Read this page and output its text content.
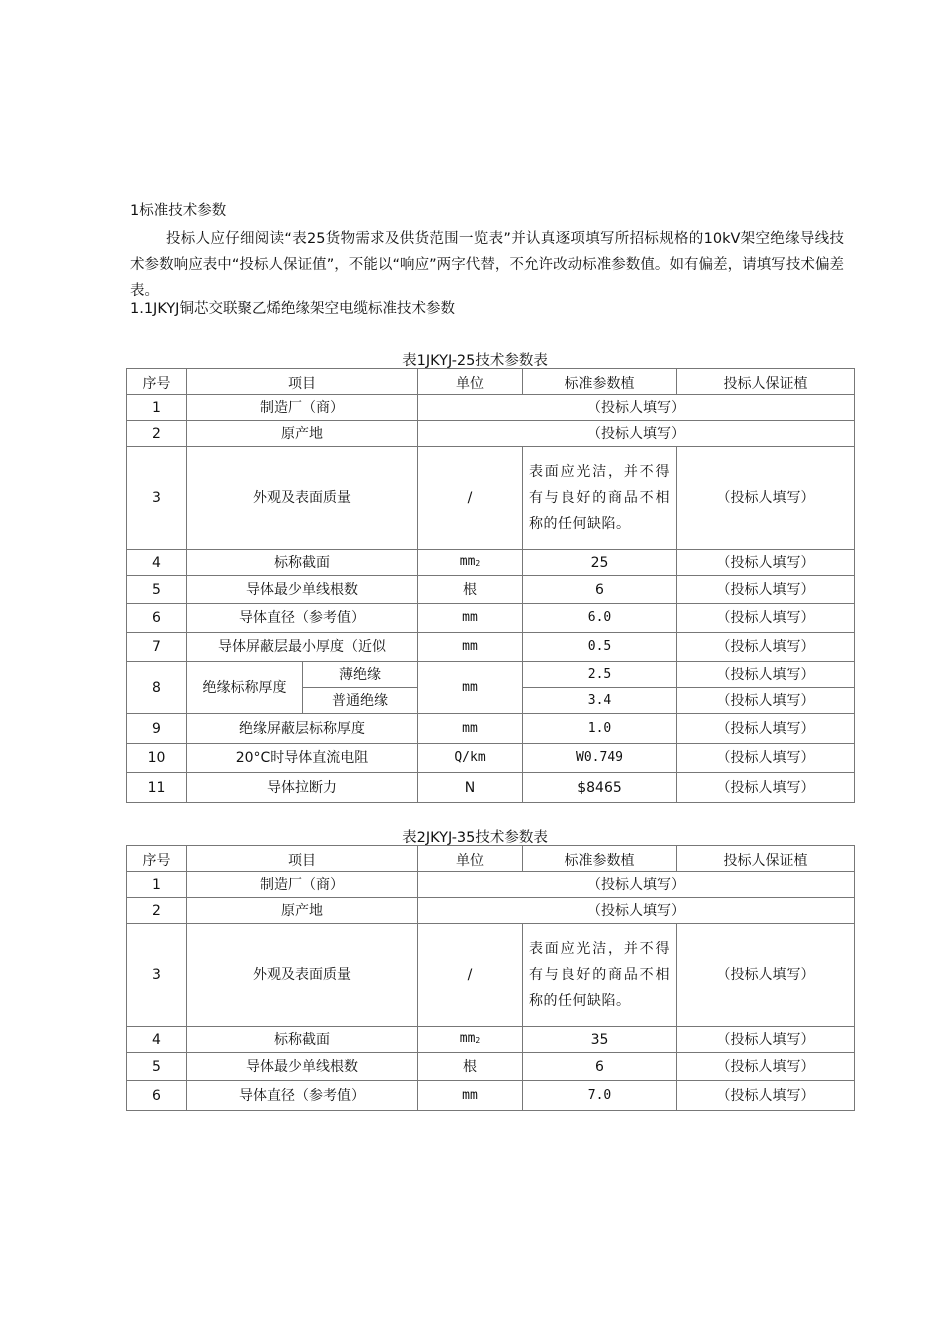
1标准技术参数
投标人应仔细阅读“表25货物需求及供货范围一览表”并认真逐项填写所招标规格的10kV架空绝缘导线技术参数响应表中“投标人保证值”，不能以“响应”两字代替，不允许改动标准参数值。如有偏差，请填写技术偏差表。
1.1JKYJ铜芯交联聚乙烯绝缘架空电缆标准技术参数
表1JKYJ-25技术参数表
序号	项目		单位	标准参数植	投标人保证植
1	制造厂（商）		（投标人填写）		
2	原产地		（投标人填写）		
3	外观及表面质量		/	表面应光洁，并不得有与良好的商品不相称的任何缺陷。	（投标人填写）
4	标称截面		$mm_2$	25	（投标人填写）
5	导体最少单线根数		根	6	（投标人填写）
6	导体直径（参考值）		mm	6.0	（投标人填写）
7	导体屏蔽层最小厚度（近似		mm	0.5	（投标人填写）
8	绝缘标称厚度	薄绝缘	mm	2.5	（投标人填写）
		普通绝缘		3.4	（投标人填写）
9	绝缘屏蔽层标称厚度		mm	1.0	（投标人填写）
10	20°C时导体直流电阻		Q/km	W0.749	（投标人填写）
11	导体拉断力		N	$8465	（投标人填写）
表2JKYJ-35技术参数表
序号	项目	单位	标准参数植	投标人保证植
1	制造厂（商）	（投标人填写）		
2	原产地	（投标人填写）		
3	外观及表面质量	/	表面应光洁，并不得有与良好的商品不相称的任何缺陷。	（投标人填写）
4	标称截面	$mm_2$	35	（投标人填写）
5	导体最少单线根数	根	6	（投标人填写）
6	导体直径（参考值）	mm	7.0	（投标人填写）
